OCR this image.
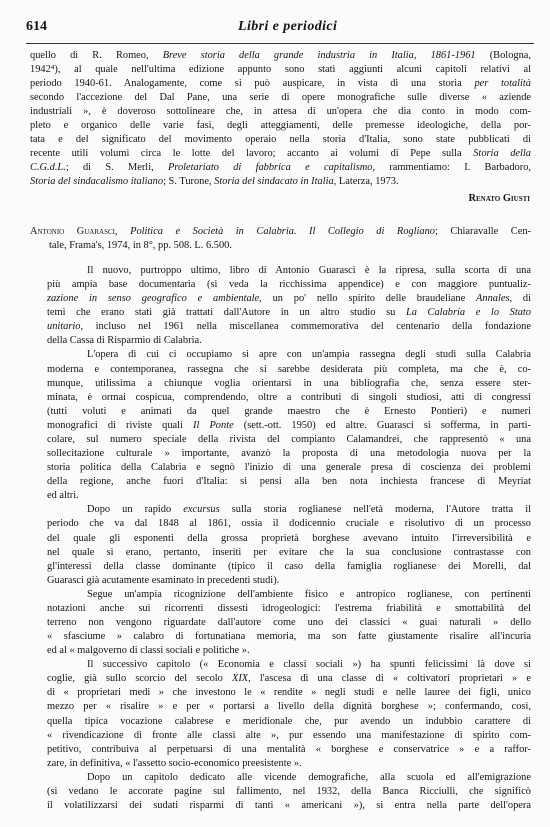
614	Libri e periodici
quello di R. Romeo, Breve storia della grande industria in Italia, 1861-1961 (Bologna,
1942⁴), al quale nell'ultima edizione appunto sono stati aggiunti alcuni capitoli relativi al
periodo 1940-61. Analogamente, come si può auspicare, in vista di una storia per totalità
secondo l'accezione del Dal Pane, una serie di opere monografiche sulle diverse « aziende
industriali », è doveroso sottolineare che, in attesa di un'opera che dia conto in modo com-
pleto e organico delle varie fasi, degli atteggiamenti, delle premesse ideologiche, della por-
tata e del significato del movimento operaio nella storia d'Italia, sono state pubblicati di
recente utili volumi circa le lotte del lavoro; accanto ai volumi di Pepe sulla Storia della
C.G.d.L.; di S. Merli, Proletariato di fabbrica e capitalismo, rammentiamo: I. Barbadoro,
Storia del sindacalismo italiano; S. Turone, Storia del sindacato in Italia, Laterza, 1973.
Renato Giusti
Antonio Guarasci, Politica e Società in Calabria. Il Collegio di Rogliano; Chiaravalle Cen-
tale, Frama's, 1974, in 8°, pp. 508. L. 6.500.
Il nuovo, purtroppo ultimo, libro di Antonio Guarasci è la ripresa, sulla scorta di una
più ampia base documentaria (si veda la ricchissima appendice) e con maggiore puntualiz-
zazione in senso geografico e ambientale, un po' nello spirito delle braudeliane Annales, di
temi che erano stati già trattati dall'Autore in un altro studio su La Calabria e lo Stato
unitario, incluso nel 1961 nella miscellanea commemorativa del centenario della fondazione
della Cassa di Risparmio di Calabria.
L'opera di cui ci occupiamo si apre con un'ampia rassegna degli studi sulla Calabria
moderna e contemporanea, rassegna che si sarebbe desiderata più completa, ma che è, co-
munque, utilissima a chiunque voglia orientarsi in una bibliografia che, senza essere ster-
minata, è ormai cospicua, comprendendo, oltre a contributi di singoli studiosi, atti di congressi
(tutti voluti e animati da quel grande maestro che è Ernesto Pontieri) e numeri
monografici di riviste quali Il Ponte (sett.-ott. 1950) ed altre. Guarasci si sofferma, in parti-
colare, sul numero speciale della rivista del compianto Calamandrei, che rappresentò « una
sollecitazione culturale » importante, avanzò la proposta di una metodologia nuova per la
storia politica della Calabria e segnò l'inizio di una generale presa di coscienza dei problemi
della regione, anche fuori d'Italia: si pensi alla ben nota inchiesta francese di Meyriat
ed altri.
Dopo un rapido excursus sulla storia roglianese nell'età moderna, l'Autore tratta il
periodo che va dal 1848 al 1861, ossia il dodicennio cruciale e risolutivo di un processo
del quale gli esponenti della grossa proprietà borghese avevano intuito l'irreversibilità e
nel quale si erano, pertanto, inseriti per evitare che la sua conclusione contrastasse con
gl'interessi della classe dominante (tipico il caso della famiglia roglianese dei Morelli, dal
Guarasci già acutamente esaminato in precedenti studi).
Segue un'ampia ricognizione dell'ambiente fisico e antropico roglianese, con pertinenti
notazioni anche sui ricorrenti dissesti idrogeologici: l'estrema friabilità e smottabilità del
terreno non vengono riguardate dall'autore come uno dei classici « guai naturali » dello
« sfasciume » calabro di fortunatiana memoria, ma son fatte giustamente risalire all'incuria
ed al « malgoverno di classi sociali e politiche ».
Il successivo capitolo (« Economia e classi sociali ») ha spunti felicissimi là dove si
coglie, già sullo scorcio del secolo XIX, l'ascesa di una classe di « coltivatori proprietari » e
di « proprietari medi » che investono le « rendite » negli studi e nelle lauree dei figli, unico
mezzo per « risalire » e per « portarsi a livello della dignità borghese »; confermando, così,
quella tipica vocazione calabrese e meridionale che, pur avendo un indubbio carattere di
« rivendicazione di fronte alle classi alte », pur essendo una manifestazione di spirito com-
petitivo, contribuiva al perpetuarsi di una mentalità « borghese e conservatrice » e a raffor-
zare, in definitiva, « l'assetto socio-economico preesistente ».
Dopo un capitolo dedicato alle vicende demografiche, alla scuola ed all'emigrazione
(si vedano le accorate pagine sul fallimento, nel 1932, della Banca Ricciulli, che significò
il volatilizzarsi dei sudati risparmi di tanti « americani »), si entra nella parte dell'opera
